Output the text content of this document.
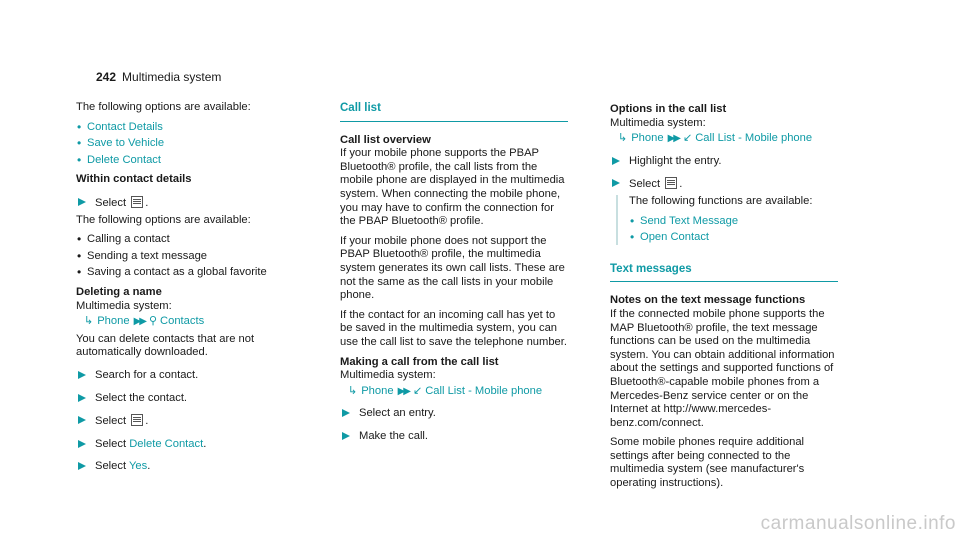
242 Multimedia system

The following options are available:

• Contact Details
• Save to Vehicle
• Delete Contact

Within contact details

Select .

The following options are available:

• Calling a contact
• Sending a text message
• Saving a contact as a global favorite

Deleting a name

Multimedia system:
↳ Phone ▶▶ ⚲ Contacts

You can delete contacts that are not automatically downloaded.

Search for a contact.
Select the contact.
Select .
Select Delete Contact.
Select Yes.
Call list

Call list overview

If your mobile phone supports the PBAP Bluetooth® profile, the call lists from the mobile phone are displayed in the multimedia system. When connecting the mobile phone, you may have to confirm the connection for the PBAP Bluetooth® profile.

If your mobile phone does not support the PBAP Bluetooth® profile, the multimedia system generates its own call lists. These are not the same as the call lists in your mobile phone.

If the contact for an incoming call has yet to be saved in the multimedia system, you can use the call list to save the telephone number.

Making a call from the call list

Multimedia system:
↳ Phone ▶▶ ↙ Call List - Mobile phone
Select an entry.
Make the call.

Options in the call list

Multimedia system:
↳ Phone ▶▶ ↙ Call List - Mobile phone
Highlight the entry.
Select .

The following functions are available:

• Send Text Message
• Open Contact
Text messages

Notes on the text message functions

If the connected mobile phone supports the MAP Bluetooth® profile, the text message functions can be used on the multimedia system. You can obtain additional information about the settings and supported functions of Bluetooth®-capable mobile phones from a Mercedes-Benz service center or on the Internet at http://www.mercedes-benz.com/connect.

Some mobile phones require additional settings after being connected to the multimedia system (see manufacturer's operating instructions).

carmanualsonline.info
